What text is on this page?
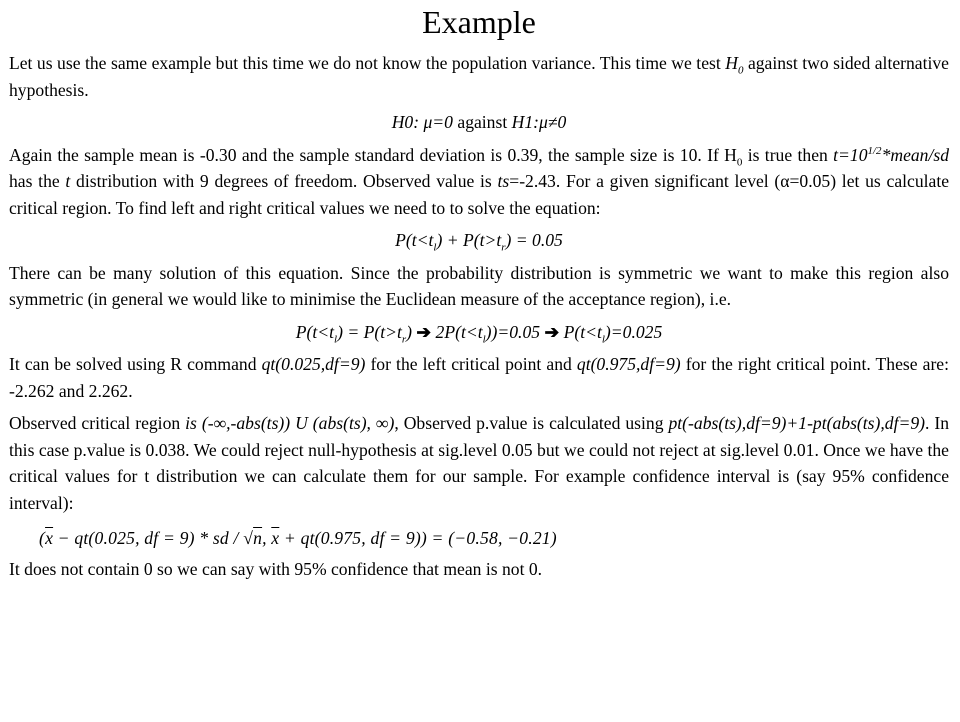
Example
Let us use the same example but this time we do not know the population variance. This time we test $H_0$ against two sided alternative hypothesis.
H0: μ=0 against H1:μ≠0
Again the sample mean is -0.30 and the sample standard deviation is 0.39, the sample size is 10. If $H_0$ is true then $t=10^{1/2}*mean/sd$ has the t distribution with 9 degrees of freedom. Observed value is ts=-2.43. For a given significant level (α=0.05) let us calculate critical region. To find left and right critical values we need to to solve the equation:
$P(t<t_l) + P(t>t_r) = 0.05$
There can be many solution of this equation. Since the probability distribution is symmetric we want to make this region also symmetric (in general we would like to minimise the Euclidean measure of the acceptance region), i.e.
$P(t<t_l) = P(t>t_r)$ ➔ $2P(t<t_l))=0.05$ ➔ $P(t<t_l)=0.025$
It can be solved using R command qt(0.025,df=9) for the left critical point and qt(0.975,df=9) for the right critical point. These are: -2.262 and 2.262.
Observed critical region is (-∞,-abs(ts)) U (abs(ts), ∞), Observed p.value is calculated using pt(-abs(ts),df=9)+1-pt(abs(ts),df=9). In this case p.value is 0.038. We could reject null-hypothesis at sig.level 0.05 but we could not reject at sig.level 0.01. Once we have the critical values for t distribution we can calculate them for our sample. For example confidence interval is (say 95% confidence interval):
($\overline{x} - qt(0.025$, df = 9) * sd / √n, $\overline{x} + qt(0.975$, df = 9)) = (−0.58, −0.21)
It does not contain 0 so we can say with 95% confidence that mean is not 0.
